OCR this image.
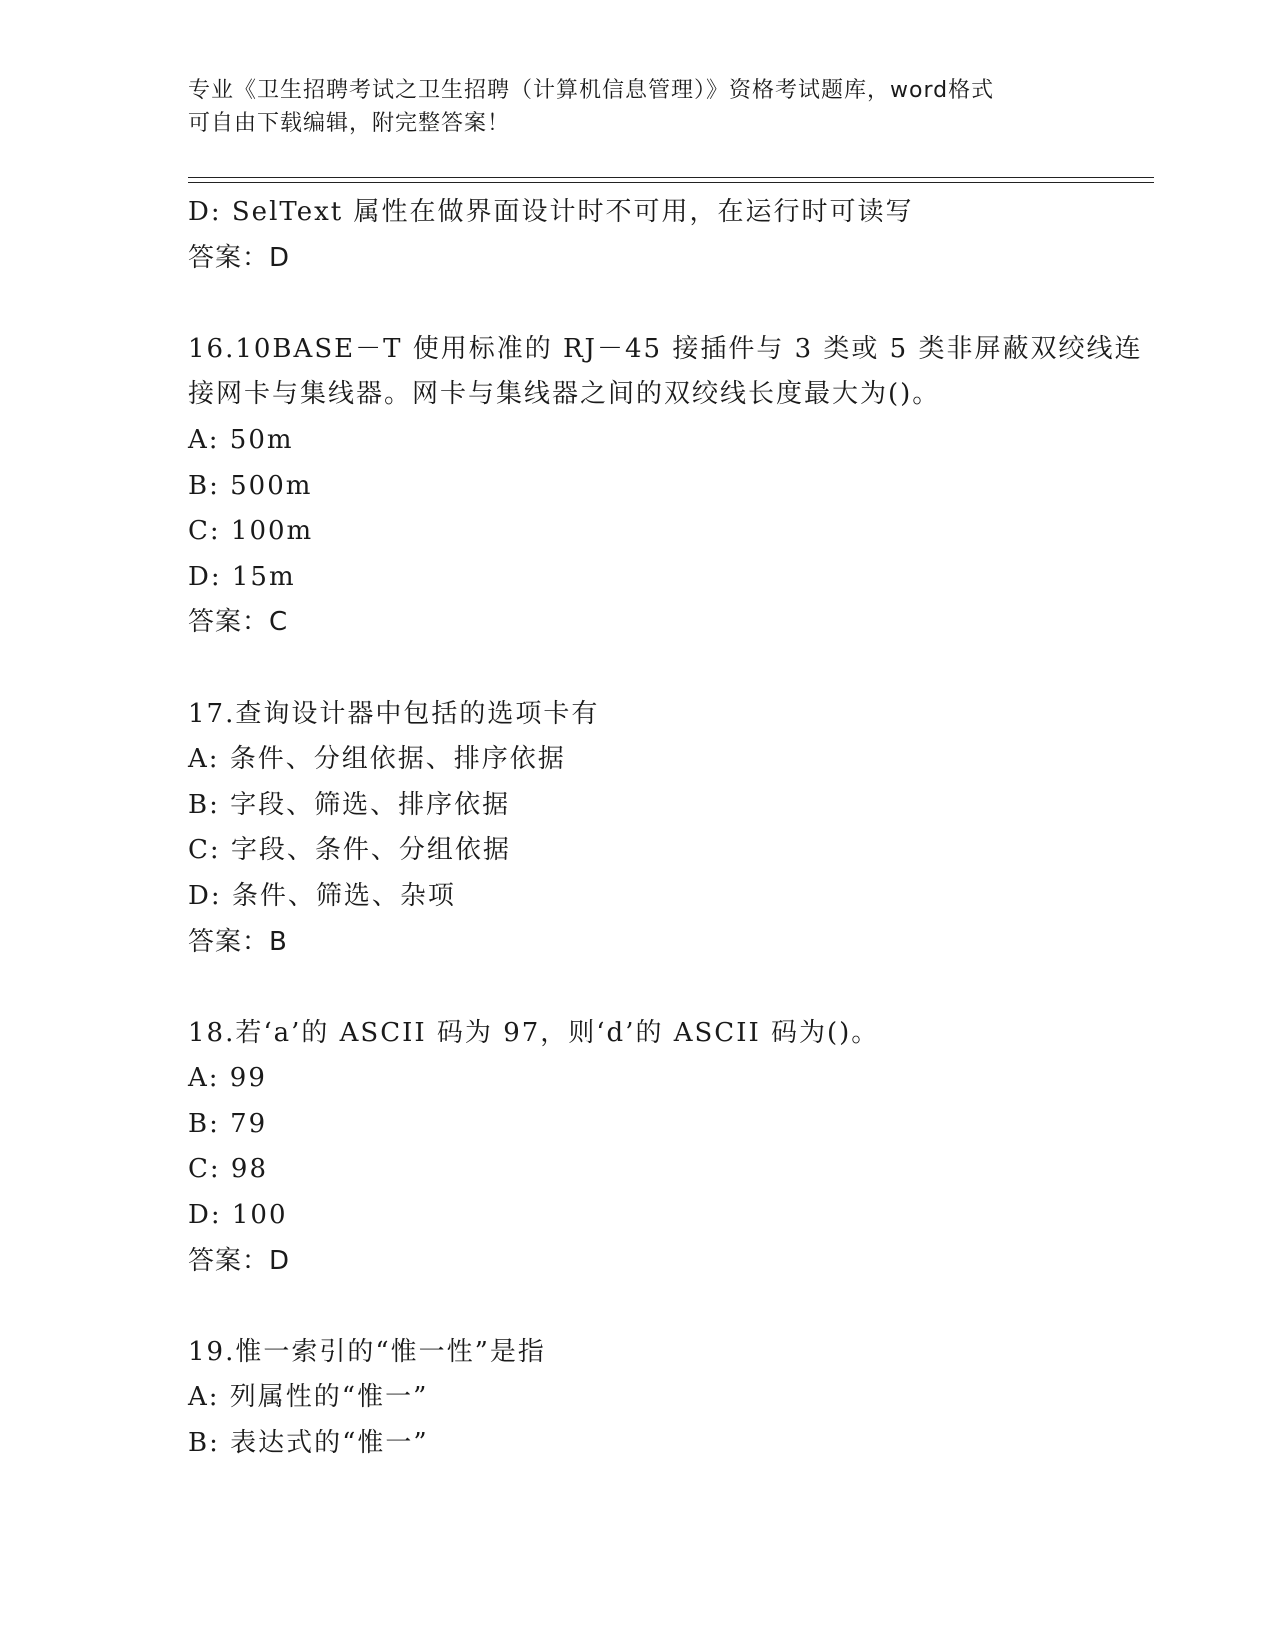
专业《卫生招聘考试之卫生招聘（计算机信息管理）》资格考试题库，word格式
可自由下载编辑，附完整答案！
D: SelText 属性在做界面设计时不可用，在运行时可读写
答案：D
16.10BASE－T 使用标准的 RJ－45 接插件与 3 类或 5 类非屏蔽双绞线连
接网卡与集线器。网卡与集线器之间的双绞线长度最大为()。
A: 50m
B: 500m
C: 100m
D: 15m
答案：C
17.查询设计器中包括的选项卡有
A: 条件、分组依据、排序依据
B: 字段、筛选、排序依据
C: 字段、条件、分组依据
D: 条件、筛选、杂项
答案：B
18.若‘a’的 ASCII 码为 97，则‘d’的 ASCII 码为()。
A: 99
B: 79
C: 98
D: 100
答案：D
19.惟一索引的“惟一性”是指
A: 列属性的“惟一”
B: 表达式的“惟一”
